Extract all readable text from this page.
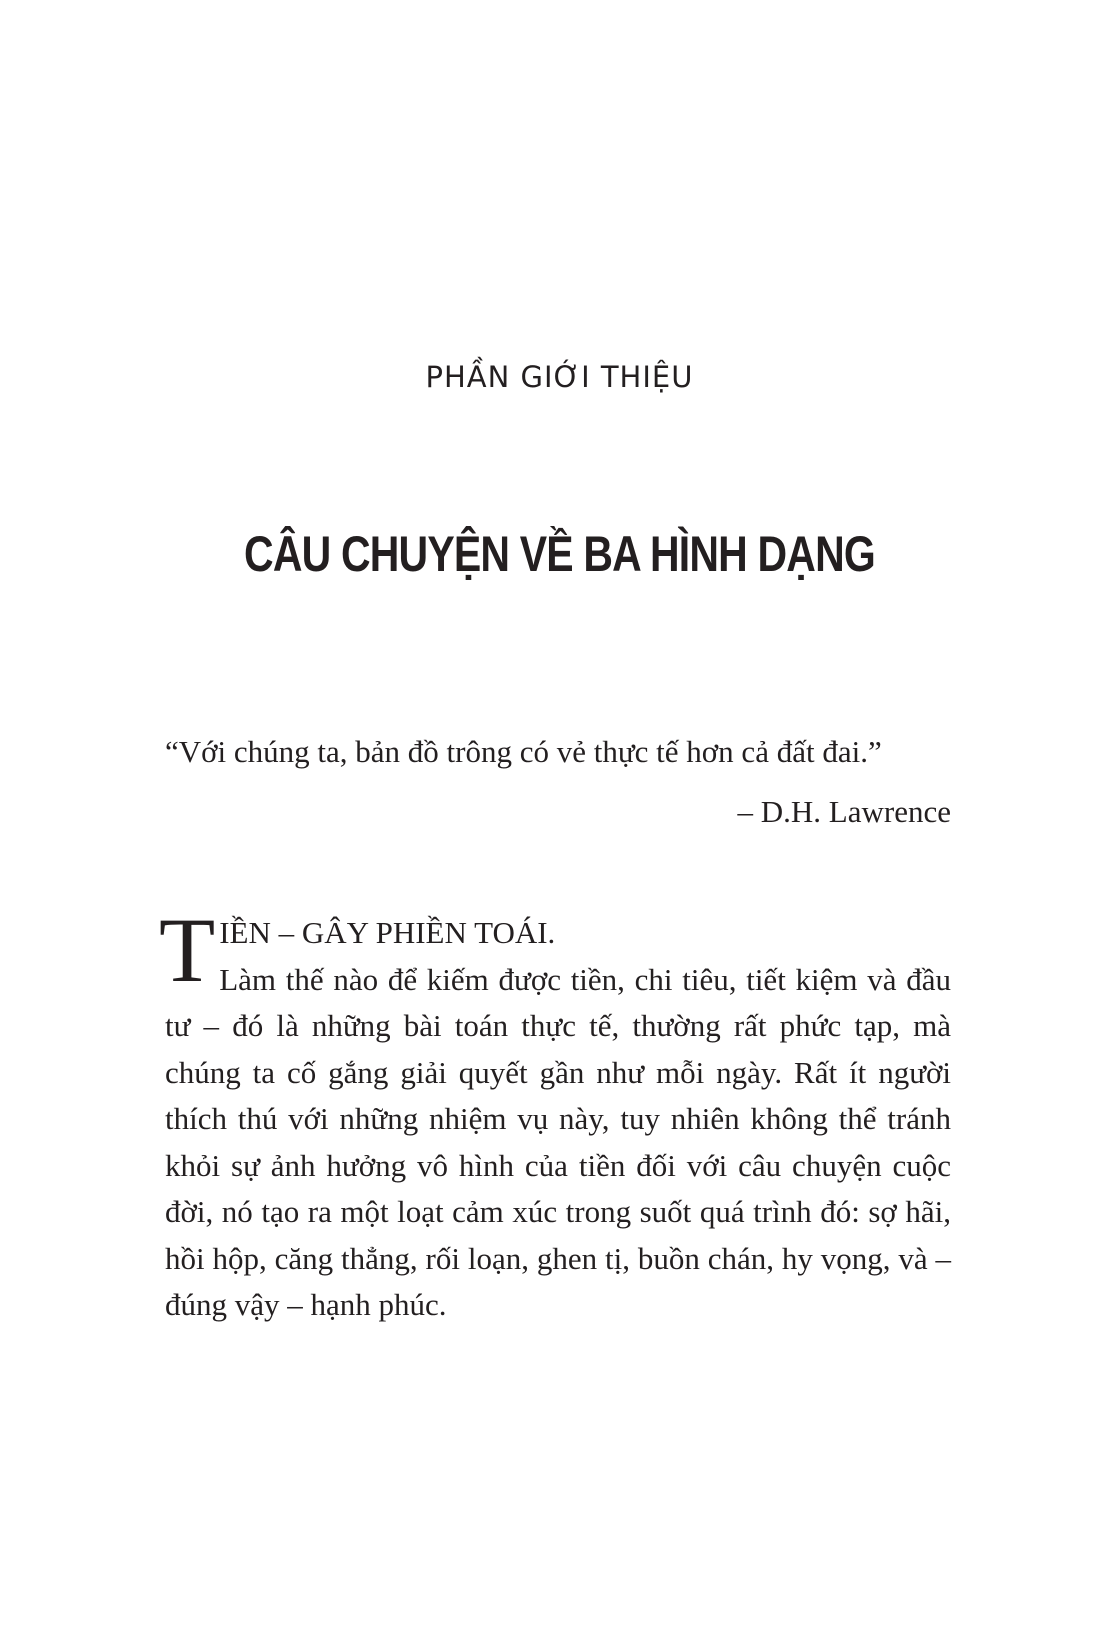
PHẦN GIỚI THIỆU
CÂU CHUYỆN VỀ BA HÌNH DẠNG
“Với chúng ta, bản đồ trông có vẻ thực tế hơn cả đất đai.”
– D.H. Lawrence

T IỀN – GÂY PHIỀN TOÁI.
Làm thế nào để kiếm được tiền, chi tiêu, tiết kiệm và đầu tư – đó là những bài toán thực tế, thường rất phức tạp, mà chúng ta cố gắng giải quyết gần như mỗi ngày. Rất ít người thích thú với những nhiệm vụ này, tuy nhiên không thể tránh khỏi sự ảnh hưởng vô hình của tiền đối với câu chuyện cuộc đời, nó tạo ra một loạt cảm xúc trong suốt quá trình đó: sợ hãi, hồi hộp, căng thẳng, rối loạn, ghen tị, buồn chán, hy vọng, và – đúng vậy – hạnh phúc.
